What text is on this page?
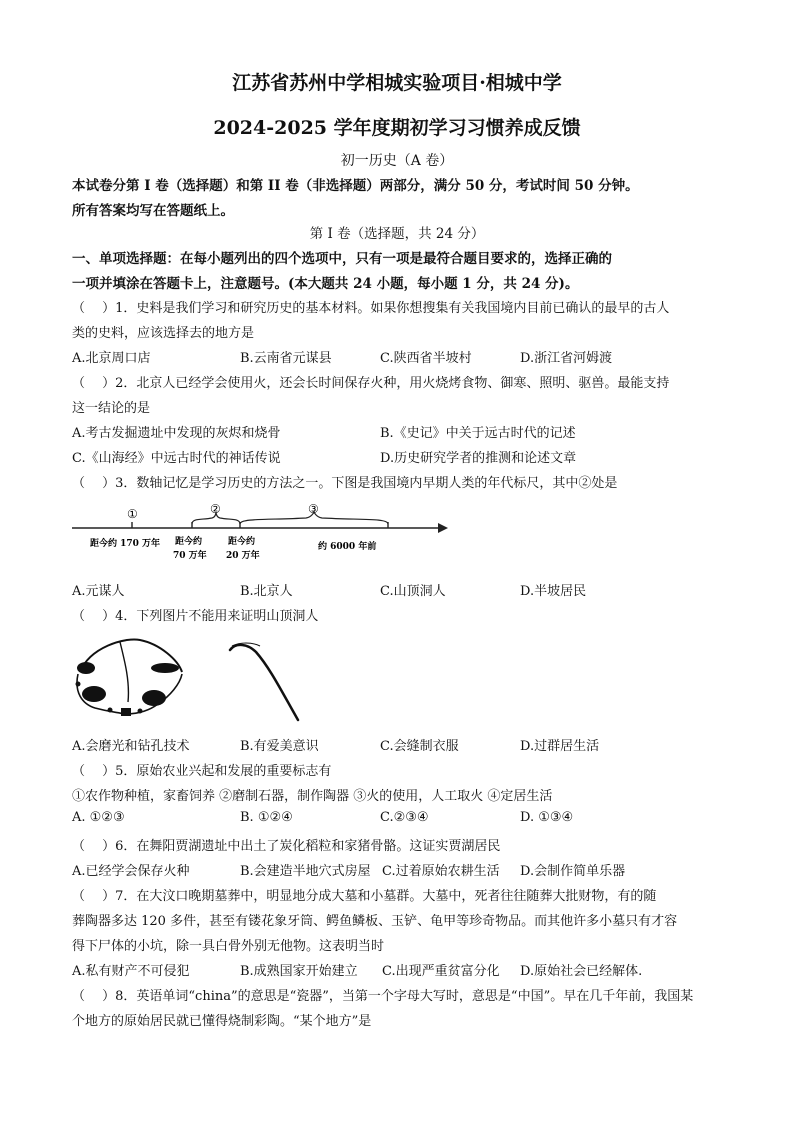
江苏省苏州中学相城实验项目·相城中学
2024-2025 学年度期初学习习惯养成反馈
初一历史（A 卷）
本试卷分第 I 卷（选择题）和第 II 卷（非选择题）两部分，满分 50 分，考试时间 50 分钟。
所有答案均写在答题纸上。
第 I 卷（选择题，共 24 分）
一、单项选择题：在每小题列出的四个选项中，只有一项是最符合题目要求的，选择正确的
一项并填涂在答题卡上，注意题号。(本大题共 24 小题，每小题 1 分，共 24 分)。
（　 ）1．史料是我们学习和研究历史的基本材料。如果你想搜集有关我国境内目前已确认的最早的古人
类的史料，应该选择去的地方是
A.北京周口店	B.云南省元谋县	C.陕西省半坡村	D.浙江省河姆渡
（　 ）2．北京人已经学会使用火，还会长时间保存火种，用火烧烤食物、御寒、照明、驱兽。最能支持
这一结论的是
A.考古发掘遗址中发现的灰烬和烧骨	B.《史记》中关于远古时代的记述
C.《山海经》中远古时代的神话传说	D.历史研究学者的推测和论述文章
（　 ）3．数轴记忆是学习历史的方法之一。下图是我国境内早期人类的年代标尺，其中②处是
①	②	③
距今约 170 万年 距今约
70 万年
距今约
20 万年
约 6000 年前
A.元谋人	B.北京人	C.山顶洞人	D.半坡居民
（　 ）4．下列图片不能用来证明山顶洞人
A.会磨光和钻孔技术	B.有爱美意识	C.会缝制衣服	D.过群居生活
（　 ）5．原始农业兴起和发展的重要标志有
①农作物种植，家畜饲养 ②磨制石器，制作陶器 ③火的使用，人工取火 ④定居生活
A. ①②③	B. ①②④	C.②③④	D. ①③④
（　 ）6．在舞阳贾湖遗址中出土了炭化稻粒和家猪骨骼。这证实贾湖居民
A.已经学会保存火种	B.会建造半地穴式房屋 C.过着原始农耕生活 D.会制作简单乐器
（　 ）7．在大汶口晚期墓葬中，明显地分成大墓和小墓群。大墓中，死者往往随葬大批财物，有的随
葬陶器多达 120 多件，甚至有镂花象牙筒、鳄鱼鳞板、玉铲、龟甲等珍奇物品。而其他许多小墓只有才容
得下尸体的小坑，除一具白骨外别无他物。这表明当时
A.私有财产不可侵犯	B.成熟国家开始建立 C.出现严重贫富分化 D.原始社会已经解体.
（　 ）8．英语单词“china”的意思是“瓷器”，当第一个字母大写时，意思是“中国”。早在几千年前，我国某
个地方的原始居民就已懂得烧制彩陶。“某个地方”是
